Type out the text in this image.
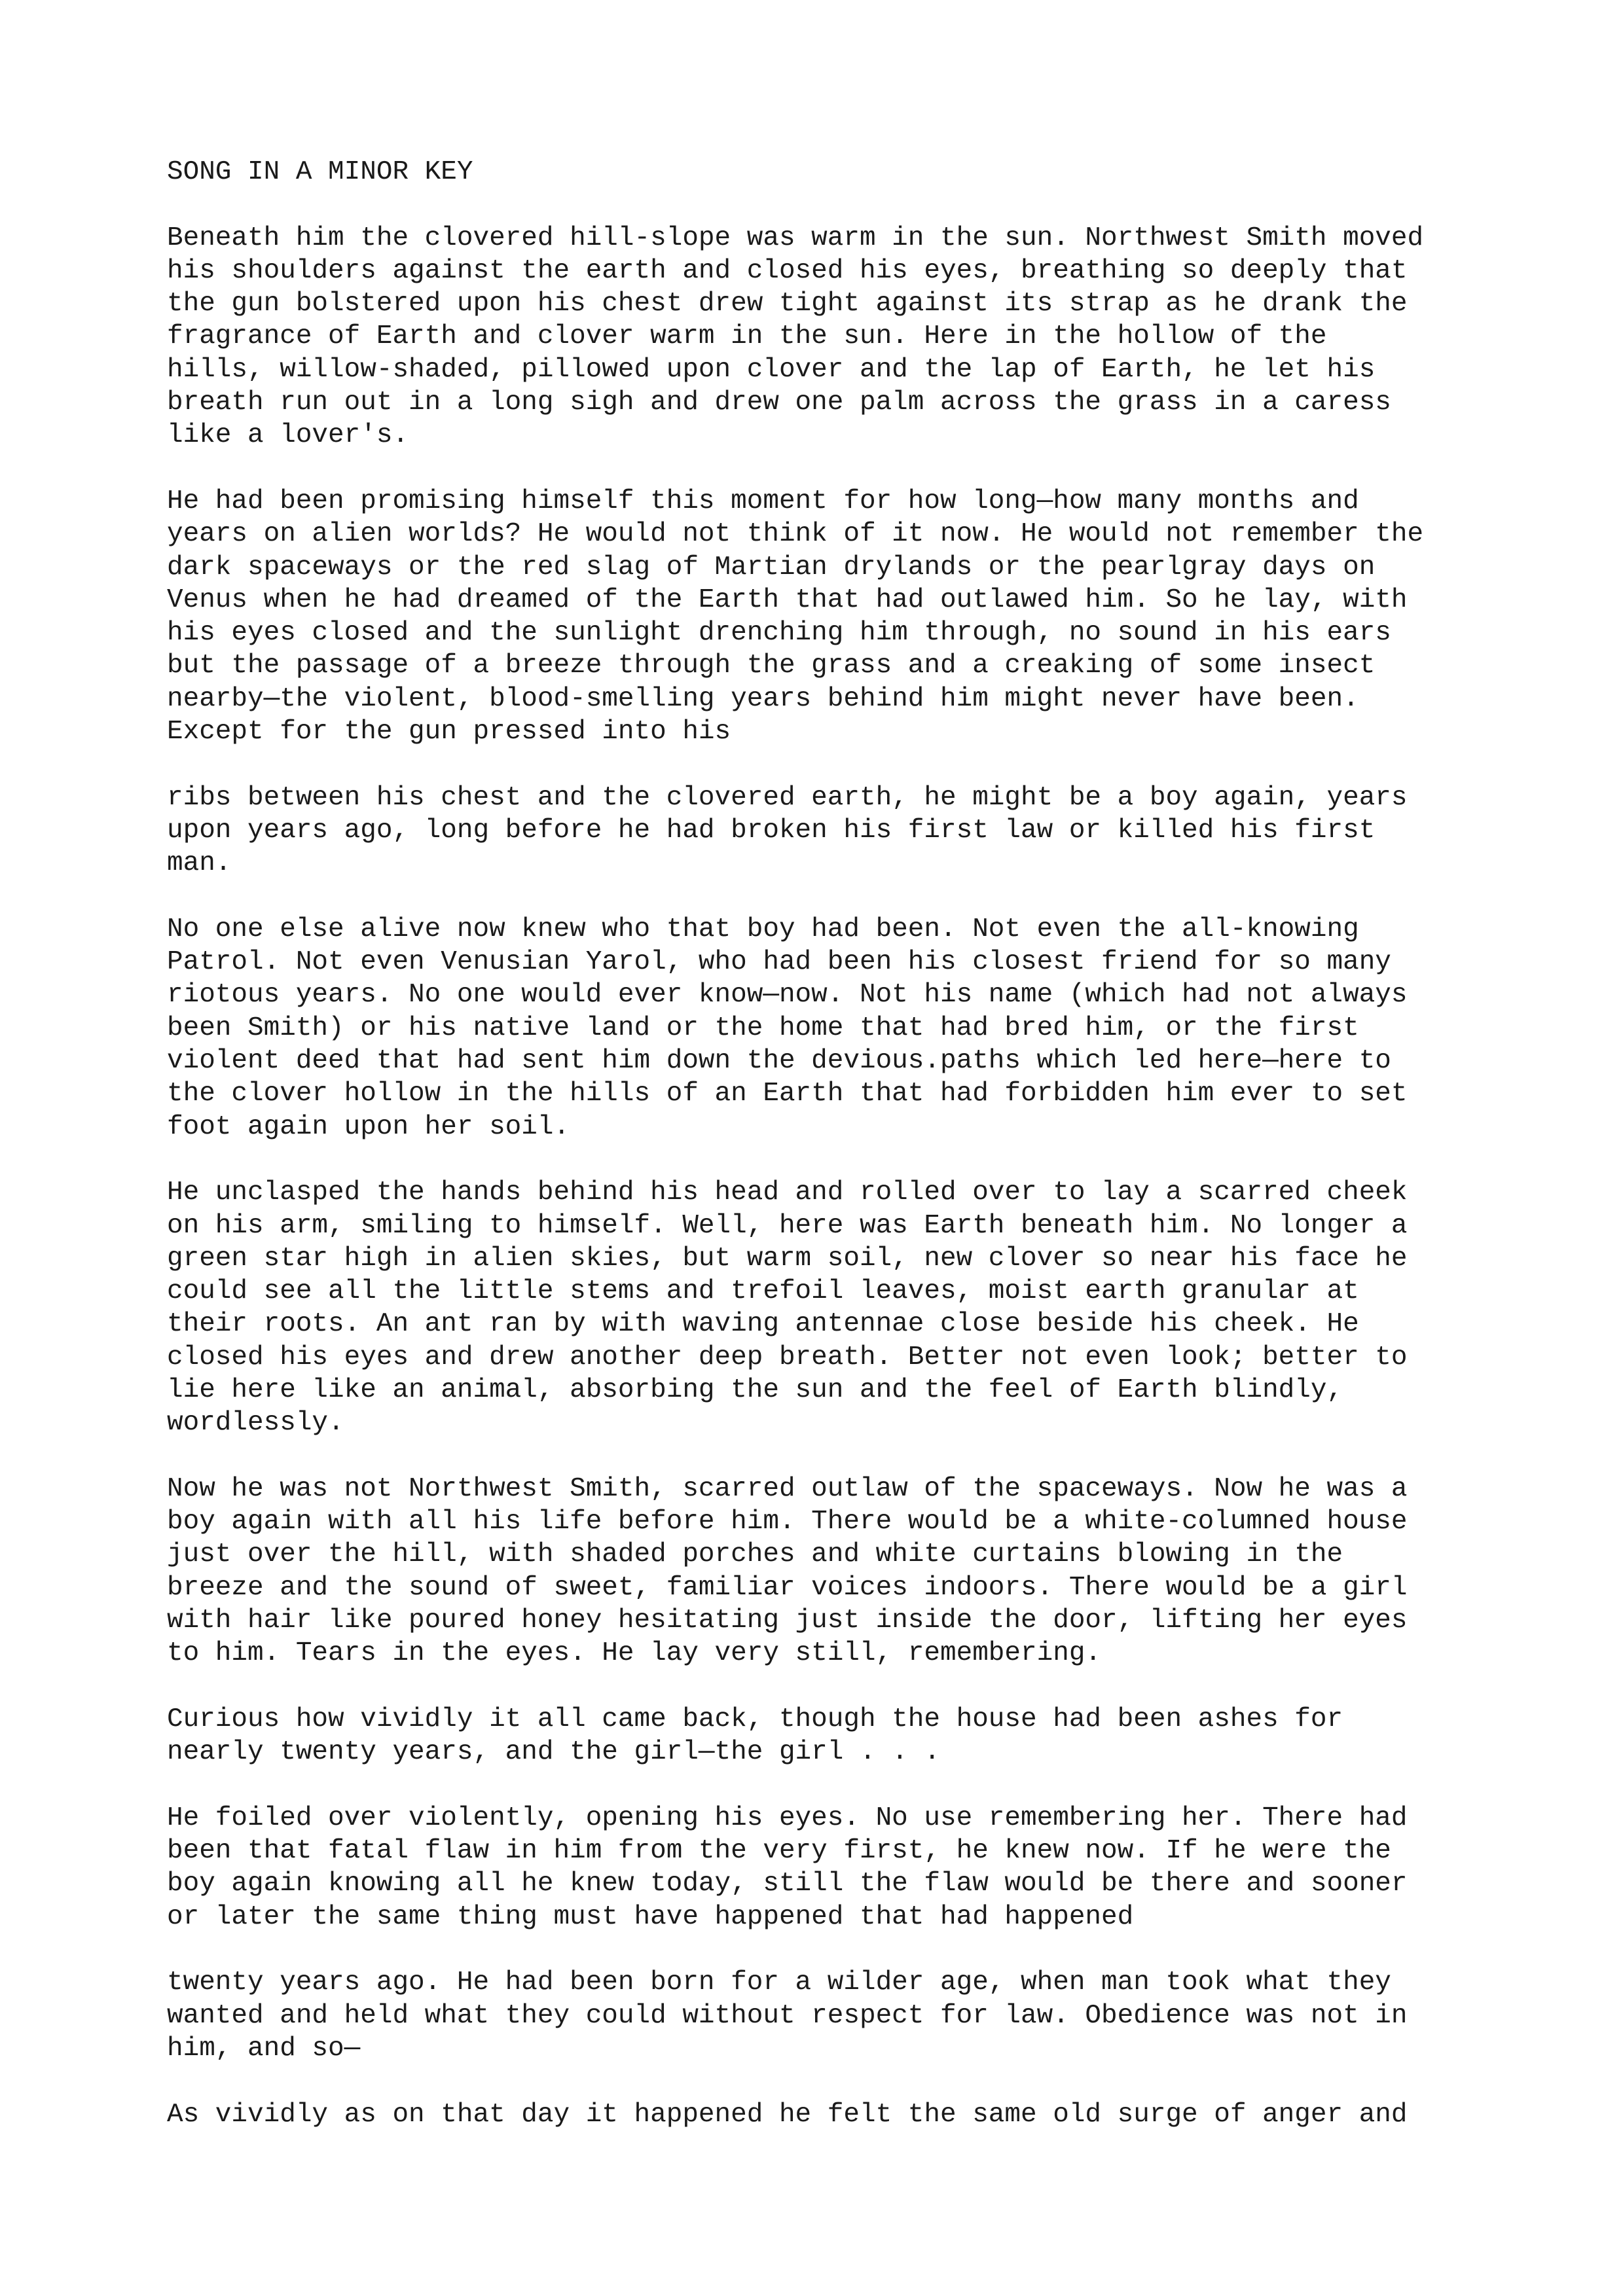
SONG IN A MINOR KEY
Beneath him the clovered hill-slope was warm in the sun. Northwest Smith moved
his shoulders against the earth and closed his eyes, breathing so deeply that
the gun bolstered upon his chest drew tight against its strap as he drank the
fragrance of Earth and clover warm in the sun. Here in the hollow of the
hills, willow-shaded, pillowed upon clover and the lap of Earth, he let his
breath run out in a long sigh and drew one palm across the grass in a caress
like a lover's.
He had been promising himself this moment for how long—how many months and
years on alien worlds? He would not think of it now. He would not remember the
dark spaceways or the red slag of Martian drylands or the pearlgray days on
Venus when he had dreamed of the Earth that had outlawed him. So he lay, with
his eyes closed and the sunlight drenching him through, no sound in his ears
but the passage of a breeze through the grass and a creaking of some insect
nearby—the violent, blood-smelling years behind him might never have been.
Except for the gun pressed into his
ribs between his chest and the clovered earth, he might be a boy again, years
upon years ago, long before he had broken his first law or killed his first
man.
No one else alive now knew who that boy had been. Not even the all-knowing
Patrol. Not even Venusian Yarol, who had been his closest friend for so many
riotous years. No one would ever know—now. Not his name (which had not always
been Smith) or his native land or the home that had bred him, or the first
violent deed that had sent him down the devious.paths which led here—here to
the clover hollow in the hills of an Earth that had forbidden him ever to set
foot again upon her soil.
He unclasped the hands behind his head and rolled over to lay a scarred cheek
on his arm, smiling to himself. Well, here was Earth beneath him. No longer a
green star high in alien skies, but warm soil, new clover so near his face he
could see all the little stems and trefoil leaves, moist earth granular at
their roots. An ant ran by with waving antennae close beside his cheek. He
closed his eyes and drew another deep breath. Better not even look; better to
lie here like an animal, absorbing the sun and the feel of Earth blindly,
wordlessly.
Now he was not Northwest Smith, scarred outlaw of the spaceways. Now he was a
boy again with all his life before him. There would be a white-columned house
just over the hill, with shaded porches and white curtains blowing in the
breeze and the sound of sweet, familiar voices indoors. There would be a girl
with hair like poured honey hesitating just inside the door, lifting her eyes
to him. Tears in the eyes. He lay very still, remembering.
Curious how vividly it all came back, though the house had been ashes for
nearly twenty years, and the girl—the girl . . .
He foiled over violently, opening his eyes. No use remembering her. There had
been that fatal flaw in him from the very first, he knew now. If he were the
boy again knowing all he knew today, still the flaw would be there and sooner
or later the same thing must have happened that had happened
twenty years ago. He had been born for a wilder age, when man took what they
wanted and held what they could without respect for law. Obedience was not in
him, and so—
As vividly as on that day it happened he felt the same old surge of anger and
